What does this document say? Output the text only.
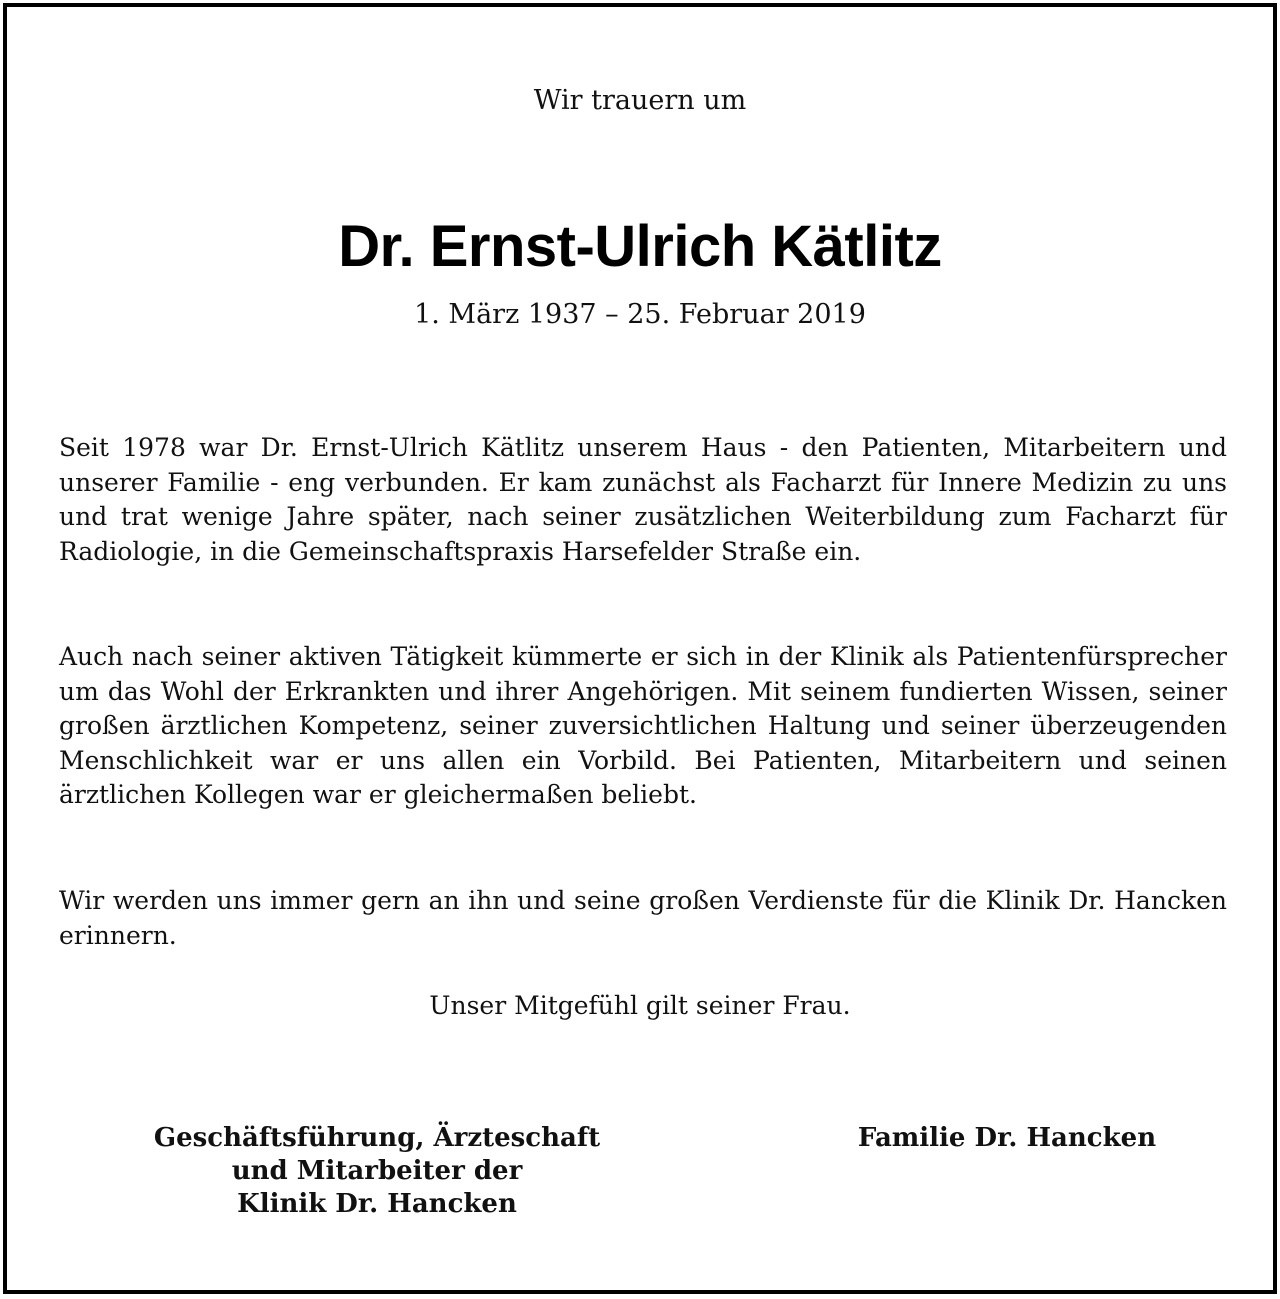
Wir trauern um
Dr. Ernst-Ulrich Kätlitz
1. März 1937 – 25. Februar 2019
Seit 1978 war Dr. Ernst-Ulrich Kätlitz unserem Haus - den Patienten, Mitarbeitern und unserer Familie - eng verbunden. Er kam zunächst als Facharzt für Innere Medizin zu uns und trat wenige Jahre später, nach seiner zusätzlichen Weiterbildung zum Facharzt für Radiologie, in die Gemeinschaftspraxis Harsefelder Straße ein.
Auch nach seiner aktiven Tätigkeit kümmerte er sich in der Klinik als Patientenfürsprecher um das Wohl der Erkrankten und ihrer Angehörigen. Mit seinem fundierten Wissen, seiner großen ärztlichen Kompetenz, seiner zuversichtlichen Haltung und seiner überzeugenden Menschlichkeit war er uns allen ein Vorbild. Bei Patienten, Mitarbeitern und seinen ärztlichen Kollegen war er gleichermaßen beliebt.
Wir werden uns immer gern an ihn und seine großen Verdienste für die Klinik Dr. Hancken erinnern.
Unser Mitgefühl gilt seiner Frau.
Geschäftsführung, Ärzteschaft
und Mitarbeiter der
Klinik Dr. Hancken
Familie Dr. Hancken
